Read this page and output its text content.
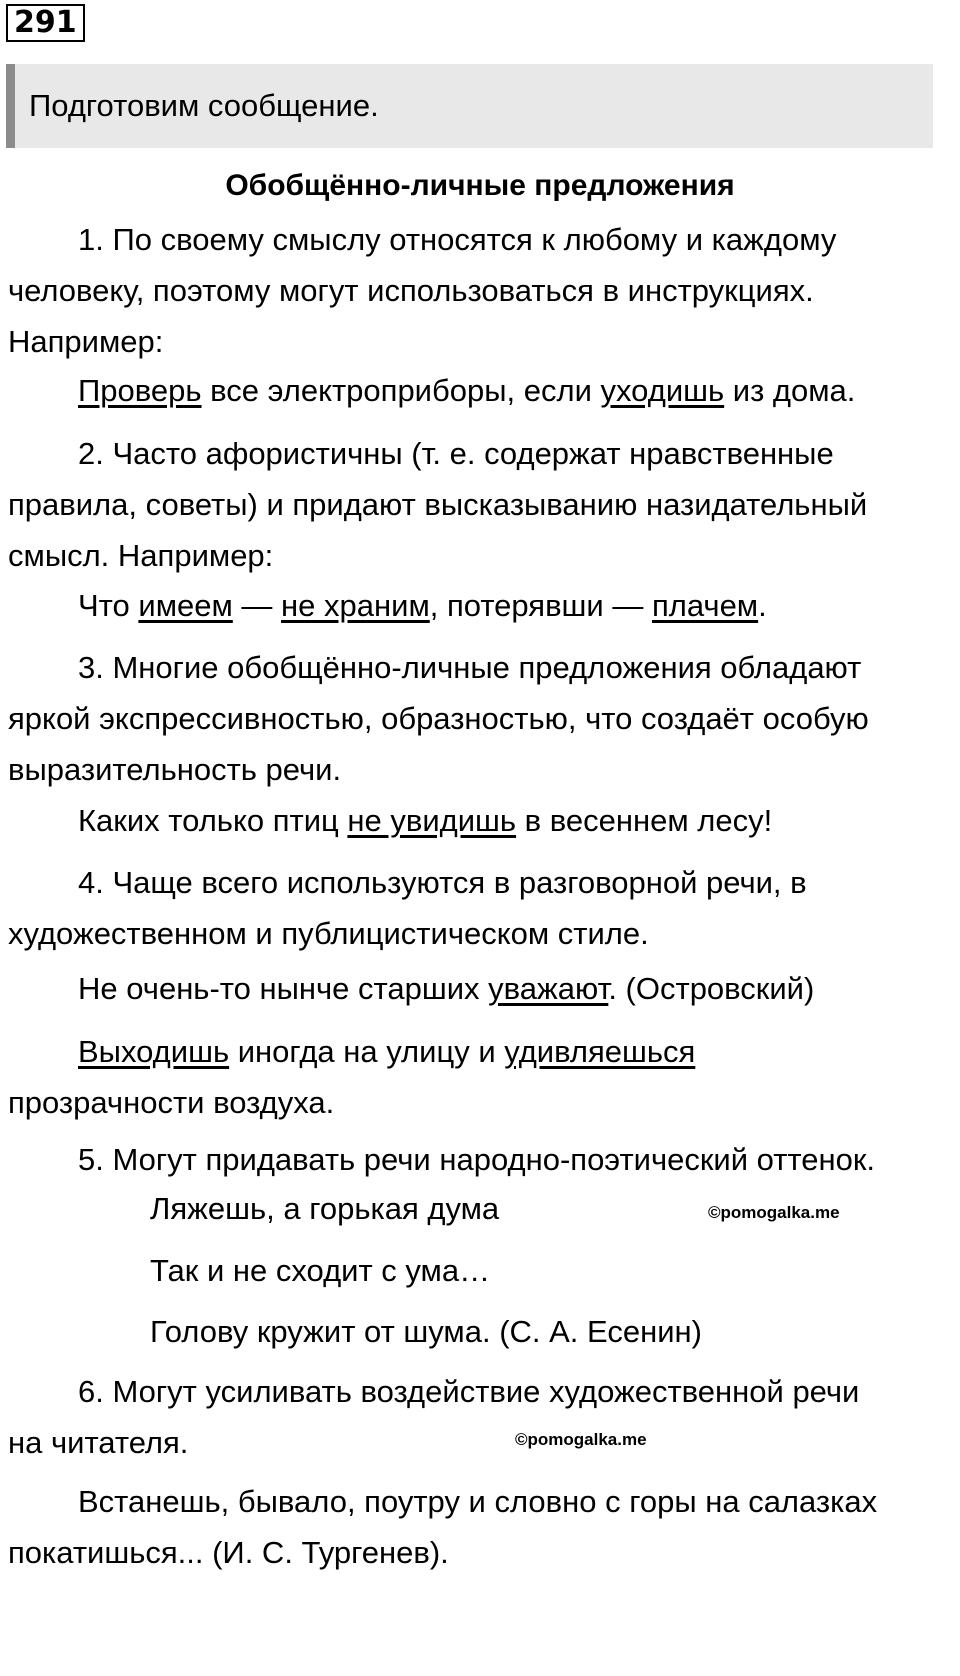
291
Подготовим сообщение.
Обобщённо-личные предложения
1. По своему смыслу относятся к любому и каждому
человеку, поэтому могут использоваться в инструкциях.
Например:
Проверь все электроприборы, если уходишь из дома.
2. Часто афористичны (т. е. содержат нравственные
правила, советы) и придают высказыванию назидательный
смысл. Например:
Что имеем — не храним, потерявши — плачем.
3. Многие обобщённо-личные предложения обладают
яркой экспрессивностью, образностью, что создаёт особую
выразительность речи.
Каких только птиц не увидишь в весеннем лесу!
4. Чаще всего используются в разговорной речи, в
художественном и публицистическом стиле.
Не очень-то нынче старших уважают. (Островский)
Выходишь иногда на улицу и удивляешься
прозрачности воздуха.
5. Могут придавать речи народно-поэтический оттенок.
Ляжешь, а горькая дума	©pomogalka.me
Так и не сходит с ума…
Голову кружит от шума. (С. А. Есенин)
6. Могут усиливать воздействие художественной речи
на читателя.	©pomogalka.me
Встанешь, бывало, поутру и словно с горы на салазках
покатишься... (И. С. Тургенев).
